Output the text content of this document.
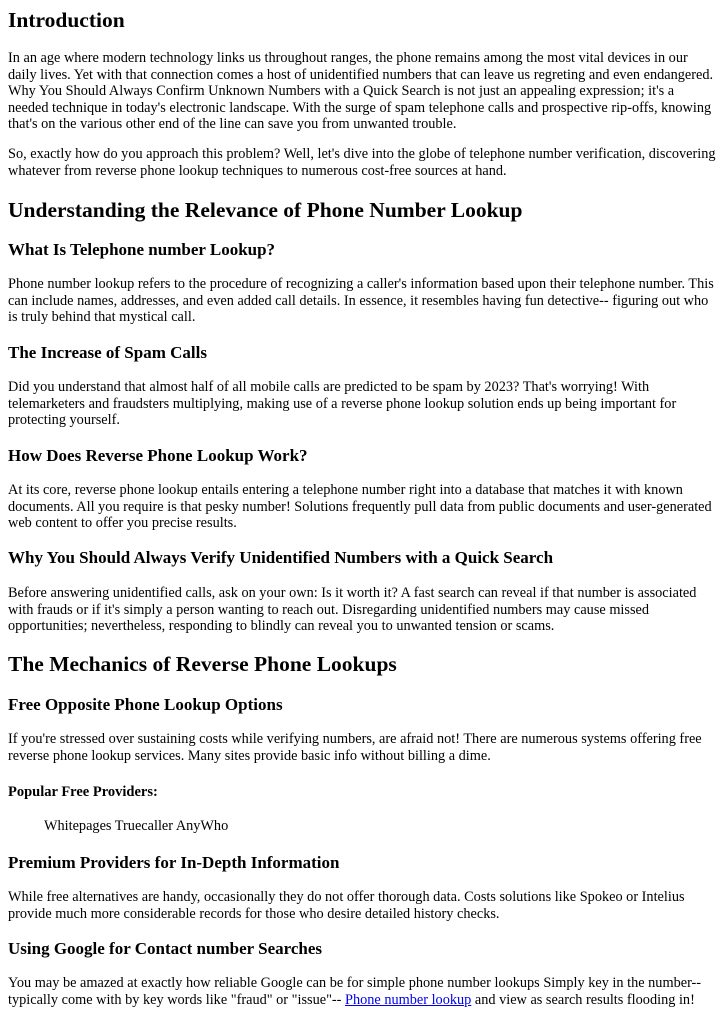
Introduction

In an age where modern technology links us throughout ranges, the phone remains among the most vital devices in our daily lives. Yet with that connection comes a host of unidentified numbers that can leave us regreting and even endangered. Why You Should Always Confirm Unknown Numbers with a Quick Search is not just an appealing expression; it's a needed technique in today's electronic landscape. With the surge of spam telephone calls and prospective rip-offs, knowing that's on the various other end of the line can save you from unwanted trouble.

So, exactly how do you approach this problem? Well, let's dive into the globe of telephone number verification, discovering whatever from reverse phone lookup techniques to numerous cost-free sources at hand.

Understanding the Relevance of Phone Number Lookup
What Is Telephone number Lookup?

Phone number lookup refers to the procedure of recognizing a caller's information based upon their telephone number. This can include names, addresses, and even added call details. In essence, it resembles having fun detective-- figuring out who is truly behind that mystical call.

The Increase of Spam Calls

Did you understand that almost half of all mobile calls are predicted to be spam by 2023? That's worrying! With telemarketers and fraudsters multiplying, making use of a reverse phone lookup solution ends up being important for protecting yourself.

How Does Reverse Phone Lookup Work?

At its core, reverse phone lookup entails entering a telephone number right into a database that matches it with known documents. All you require is that pesky number! Solutions frequently pull data from public documents and user-generated web content to offer you precise results.

Why You Should Always Verify Unidentified Numbers with a Quick Search

Before answering unidentified calls, ask on your own: Is it worth it? A fast search can reveal if that number is associated with frauds or if it's simply a person wanting to reach out. Disregarding unidentified numbers may cause missed opportunities; nevertheless, responding to blindly can reveal you to unwanted tension or scams.

The Mechanics of Reverse Phone Lookups
Free Opposite Phone Lookup Options

If you're stressed over sustaining costs while verifying numbers, are afraid not! There are numerous systems offering free reverse phone lookup services. Many sites provide basic info without billing a dime.

Popular Free Providers:
Whitepages Truecaller AnyWho
Premium Providers for In-Depth Information

While free alternatives are handy, occasionally they do not offer thorough data. Costs solutions like Spokeo or Intelius provide much more considerable records for those who desire detailed history checks.

Using Google for Contact number Searches

You may be amazed at exactly how reliable Google can be for simple phone number lookups Simply key in the number-- typically come with by key words like "fraud" or "issue"-- Phone number lookup and view as search results flooding in!
